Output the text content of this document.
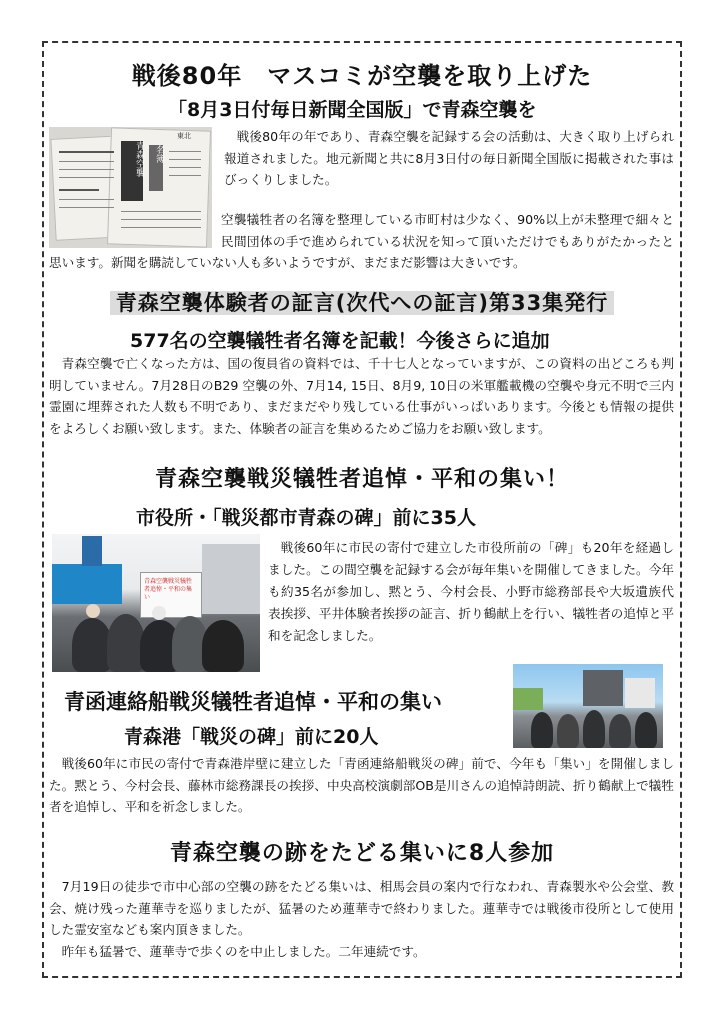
戦後80年　マスコミが空襲を取り上げた
「8月3日付毎日新聞全国版」で青森空襲を
東北
青森空襲	名簿

戦後80年の年であり、青森空襲を記録する会の活動は、大きく取り上げられ報道されました。地元新聞と共に8月3日付の毎日新聞全国版に掲載された事はびっくりしました。

空襲犠牲者の名簿を整理している市町村は少なく、90%以上が未整理で細々と民間団体の手で進められている状況を知って頂いただけでもありがたかったと思います。新聞を購読していない人も多いようですが、まだまだ影響は大きいです。

青森空襲体験者の証言(次代への証言)第33集発行
577名の空襲犠牲者名簿を記載！今後さらに追加

青森空襲で亡くなった方は、国の復員省の資料では、千十七人となっていますが、この資料の出どころも判明していません。7月28日のB29 空襲の外、7月14, 15日、8月9, 10日の米軍艦載機の空襲や身元不明で三内霊園に埋葬された人数も不明であり、まだまだやり残している仕事がいっぱいあります。今後とも情報の提供をよろしくお願い致します。また、体験者の証言を集めるためご協力をお願い致します。

青森空襲戦災犠牲者追悼・平和の集い！
市役所・「戦災都市青森の碑」前に35人
青森空襲戦災犠牲者追悼・平和の集い

戦後60年に市民の寄付で建立した市役所前の「碑」も20年を経過しました。この間空襲を記録する会が毎年集いを開催してきました。今年も約35名が参加し、黙とう、今村会長、小野市総務部長や大坂遺族代表挨拶、平井体験者挨拶の証言、折り鶴献上を行い、犠牲者の追悼と平和を記念しました。

青函連絡船戦災犠牲者追悼・平和の集い
青森港「戦災の碑」前に20人

戦後60年に市民の寄付で青森港岸壁に建立した「青函連絡船戦災の碑」前で、今年も「集い」を開催しました。黙とう、今村会長、藤林市総務課長の挨拶、中央高校演劇部OB是川さんの追悼詩朗読、折り鶴献上で犠牲者を追悼し、平和を祈念しました。

青森空襲の跡をたどる集いに8人参加

7月19日の徒歩で市中心部の空襲の跡をたどる集いは、相馬会員の案内で行なわれ、青森製氷や公会堂、教会、焼け残った蓮華寺を巡りましたが、猛暑のため蓮華寺で終わりました。蓮華寺では戦後市役所として使用した霊安室なども案内頂きました。

昨年も猛暑で、蓮華寺で歩くのを中止しました。二年連続です。
